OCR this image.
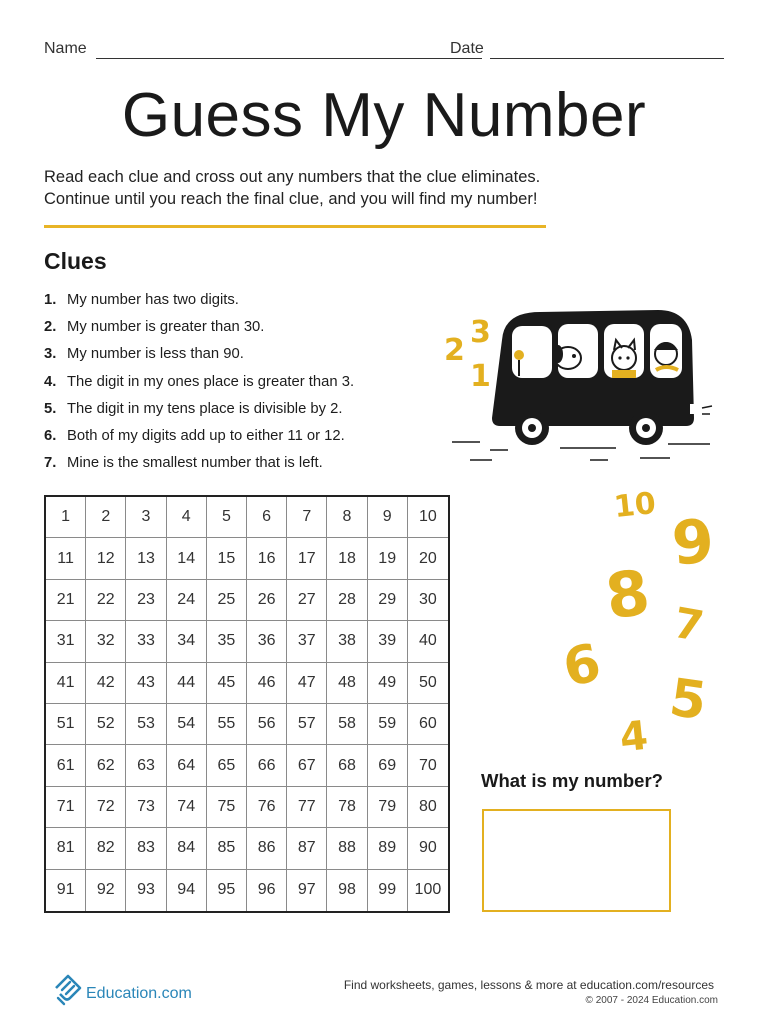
Name	Date
Guess My Number
Read each clue and cross out any numbers that the clue eliminates.
Continue until you reach the final clue, and you will find my number!
Clues
1. My number has two digits.
2. My number is greater than 30.
3. My number is less than 90.
4. The digit in my ones place is greater than 3.
5. The digit in my tens place is divisible by 2.
6. Both of my digits add up to either 11 or 12.
7. Mine is the smallest number that is left.
2
3
1
1	2	3	4	5	6	7	8	9	10
11	12	13	14	15	16	17	18	19	20
21	22	23	24	25	26	27	28	29	30
31	32	33	34	35	36	37	38	39	40
41	42	43	44	45	46	47	48	49	50
51	52	53	54	55	56	57	58	59	60
61	62	63	64	65	66	67	68	69	70
71	72	73	74	75	76	77	78	79	80
81	82	83	84	85	86	87	88	89	90
91	92	93	94	95	96	97	98	99	100
10
9
8 7
6
5
4
What is my number?
Education.com	Find worksheets, games, lessons & more at education.com/resources
© 2007 - 2024 Education.com
